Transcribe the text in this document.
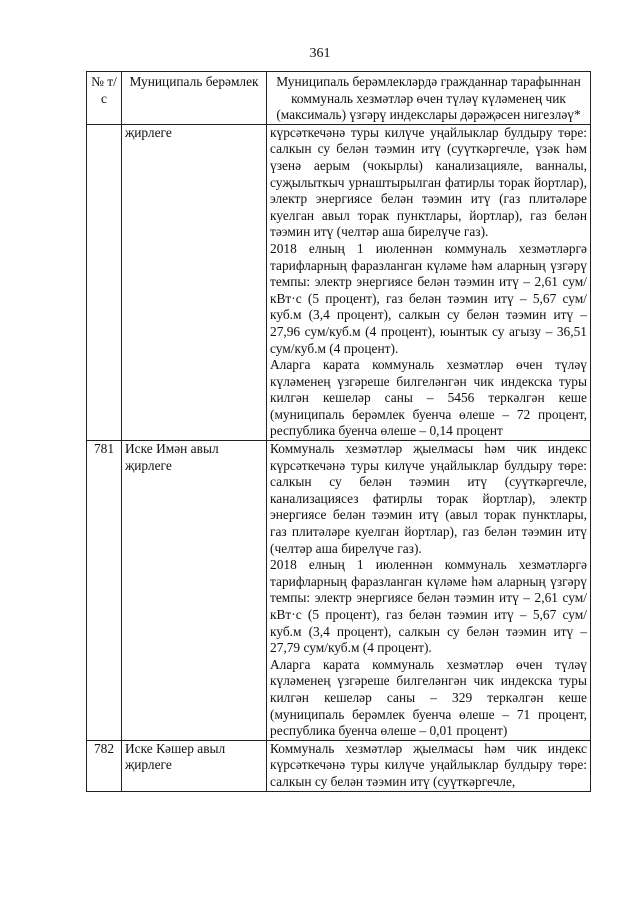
361
№ т/с	Муниципаль берәмлек	Муниципаль берәмлекләрдә гражданнар тарафыннан коммуналь хезмәтләр өчен түләү күләменең чик (максималь) үзгәрү индекслары дәрәҗәсен нигезләү*
	җирлеге	күрсәткечәнә туры килүче уңайлыклар булдыру төре: салкын су белән тәэмин итү (суүткәргечле, үзәк һәм үзенә аерым (чокырлы) канализацияле, ванналы, суҗылыткыч урнаштырылган фатирлы торак йортлар), электр энергиясе белән тәэмин итү (газ плитәләре куелган авыл торак пунктлары, йортлар), газ белән тәэмин итү (челтәр аша бирелүче газ).
2018 елның 1 июленнән коммуналь хезмәтләргә тарифларның фаразланган күләме һәм аларның үзгәрү темпы: электр энергиясе белән тәэмин итү – 2,61 сум/кВт·с (5 процент), газ белән тәэмин итү – 5,67 сум/куб.м (3,4 процент), салкын су белән тәэмин итү – 27,96 сум/куб.м (4 процент), юынтык су агызу – 36,51 сум/куб.м (4 процент).
Аларга карата коммуналь хезмәтләр өчен түләү күләменең үзгәреше билгеләнгән чик индекска туры килгән кешеләр саны – 5456 теркәлгән кеше (муниципаль берәмлек буенча өлеше – 72 процент, республика буенча өлеше – 0,14 процент

781	Иске Имән авыл җирлеге	Коммуналь хезмәтләр җыелмасы һәм чик индекс күрсәткечәнә туры килүче уңайлыклар булдыру төре: салкын су белән тәэмин итү (суүткәргечле, канализациясез фатирлы торак йортлар), электр энергиясе белән тәэмин итү (авыл торак пунктлары, газ плитәләре куелган йортлар), газ белән тәэмин итү (челтәр аша бирелүче газ).
2018 елның 1 июленнән коммуналь хезмәтләргә тарифларның фаразланган күләме һәм аларның үзгәрү темпы: электр энергиясе белән тәэмин итү – 2,61 сум/кВт·с (5 процент), газ белән тәэмин итү – 5,67 сум/куб.м (3,4 процент), салкын су белән тәэмин итү – 27,79 сум/куб.м (4 процент).
Аларга карата коммуналь хезмәтләр өчен түләү күләменең үзгәреше билгеләнгән чик индекска туры килгән кешеләр саны – 329 терк​әлгән кеше (муниципаль берәмлек буенча өлеше – 71 процент, республика буенча өлеше – 0,01 процент)

782	Иске Кәшер авыл җирлеге	Коммуналь хезмәтләр җыелмасы һәм чик индекс күрсәткечәнә туры килүче уңайлыклар булдыру төре: салкын су белән тәэмин итү (суүткәргечле,
